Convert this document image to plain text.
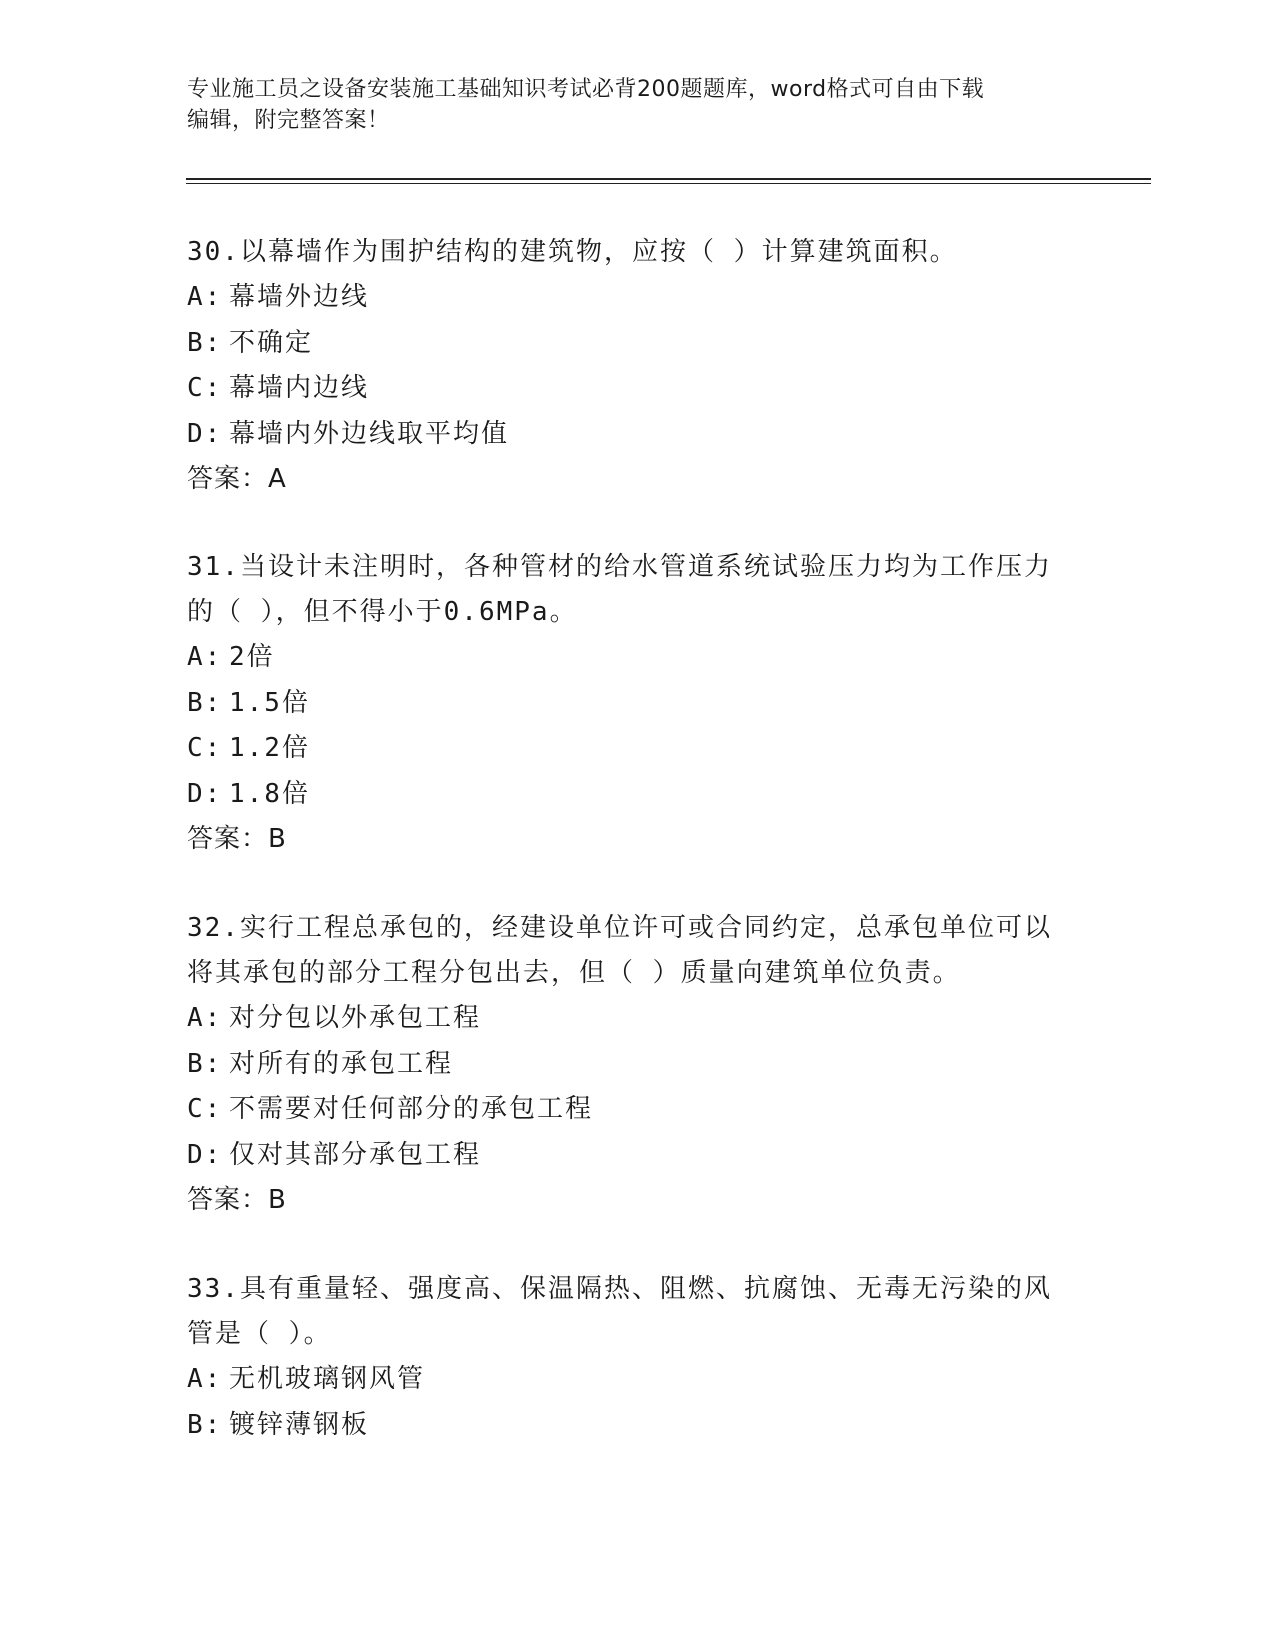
专业施工员之设备安装施工基础知识考试必背200题题库，word格式可自由下载
编辑，附完整答案！

30.以幕墙作为围护结构的建筑物，应按（ ）计算建筑面积。

A: 幕墙外边线

B: 不确定

C: 幕墙内边线

D: 幕墙内外边线取平均值

答案：A

31.当设计未注明时，各种管材的给水管道系统试验压力均为工作压力的（ ），但不得小于0.6MPa。

A: 2倍

B: 1.5倍

C: 1.2倍

D: 1.8倍

答案：B

32.实行工程总承包的，经建设单位许可或合同约定，总承包单位可以将其承包的部分工程分包出去，但（ ）质量向建筑单位负责。

A: 对分包以外承包工程

B: 对所有的承包工程

C: 不需要对任何部分的承包工程

D: 仅对其部分承包工程

答案：B

33.具有重量轻、强度高、保温隔热、阻燃、抗腐蚀、无毒无污染的风管是（ ）。

A: 无机玻璃钢风管

B: 镀锌薄钢板
